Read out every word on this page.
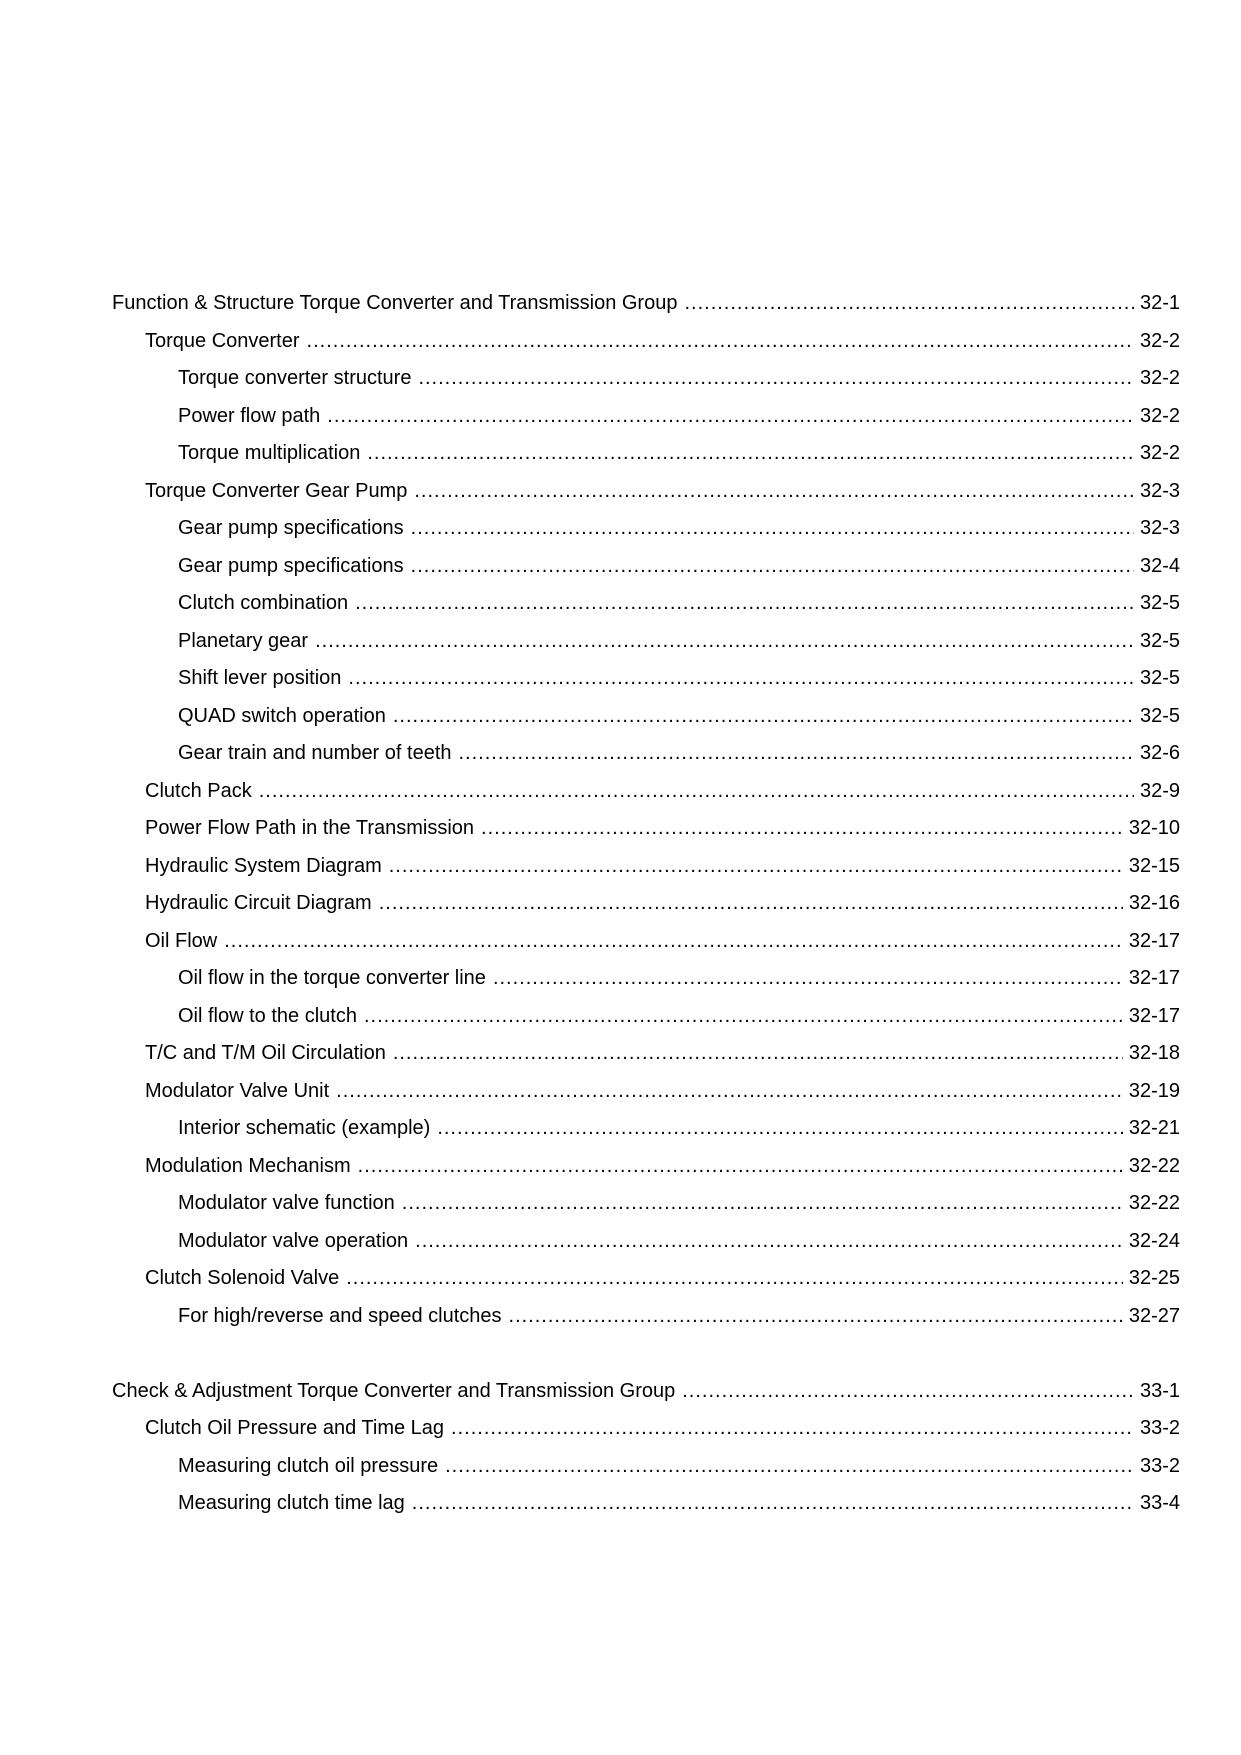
Function & Structure Torque Converter and Transmission Group .....	32-1
Torque Converter .....	32-2
Torque converter structure .....	32-2
Power flow path .....	32-2
Torque multiplication .....	32-2
Torque Converter Gear Pump .....	32-3
Gear pump specifications .....	32-3
Gear pump specifications .....	32-4
Clutch combination .....	32-5
Planetary gear .....	32-5
Shift lever position .....	32-5
QUAD switch operation .....	32-5
Gear train and number of teeth .....	32-6
Clutch Pack .....	32-9
Power Flow Path in the Transmission .....	32-10
Hydraulic System Diagram .....	32-15
Hydraulic Circuit Diagram .....	32-16
Oil Flow .....	32-17
Oil flow in the torque converter line .....	32-17
Oil flow to the clutch .....	32-17
T/C and T/M Oil Circulation .....	32-18
Modulator Valve Unit .....	32-19
Interior schematic (example) .....	32-21
Modulation Mechanism .....	32-22
Modulator valve function .....	32-22
Modulator valve operation .....	32-24
Clutch Solenoid Valve .....	32-25
For high/reverse and speed clutches .....	32-27
Check & Adjustment Torque Converter and Transmission Group .....	33-1
Clutch Oil Pressure and Time Lag .....	33-2
Measuring clutch oil pressure .....	33-2
Measuring clutch time lag .....	33-4
